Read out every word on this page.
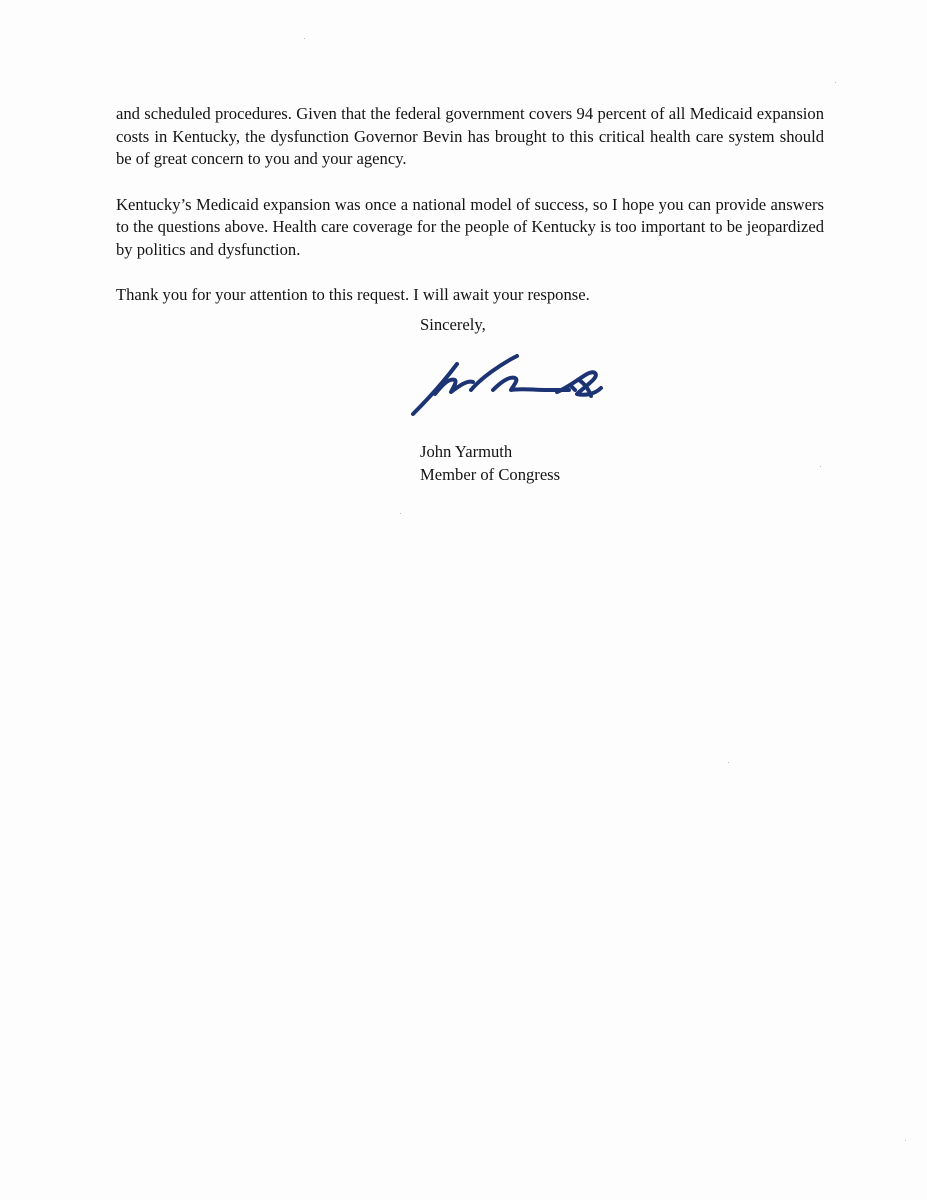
and scheduled procedures. Given that the federal government covers 94 percent of all Medicaid expansion costs in Kentucky, the dysfunction Governor Bevin has brought to this critical health care system should be of great concern to you and your agency.

Kentucky’s Medicaid expansion was once a national model of success, so I hope you can provide answers to the questions above. Health care coverage for the people of Kentucky is too important to be jeopardized by politics and dysfunction.

Thank you for your attention to this request. I will await your response.

Sincerely,

John Yarmuth
Member of Congress
